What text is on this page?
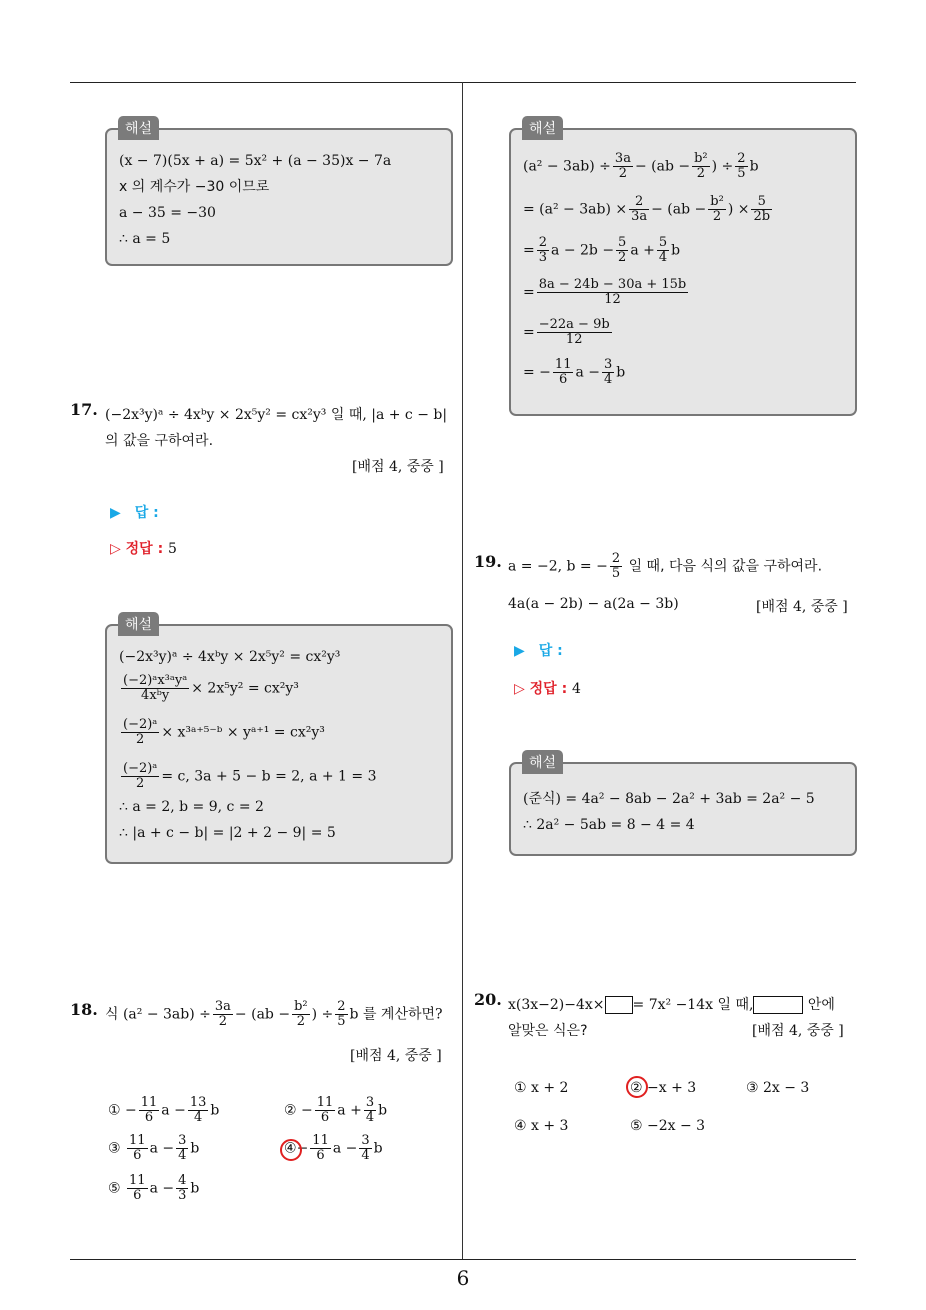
(x − 7)(5x + a) = 5x² + (a − 35)x − 7a
x 의 계수가 −30 이므로
a − 35 = −30
∴ a = 5
해설
$(a^2 - 3ab) \div \frac{3a}{2} - (ab - \frac{\text{b²}}{2}$ ) ÷ $\frac{2}{5}$ b
= $(a^2 - 3ab) \times \frac{2}{3a} - (ab - \frac{\text{b²}}{2}$ ) × $\frac{5}{2b}$
= $\frac{2}{3}$ $a - 2b - \frac{5}{2}$ $a + \frac{5}{4}$ b
= $\frac{8a - 24b - 30a + 15b}{12}$
= $\frac{-22a - 9b}{12}$
= − $\frac{11}{6}$ $a - \frac{3}{4}$ b
해설
17. (−2x³y)ᵃ ÷ 4xᵇy × 2x⁵y² = cx²y³ 일 때, |a + c − b|
의 값을 구하여라.
[배점 4, 중중 ]
▶ 답 :
▷ 정답 : 5
(−2x³y)ᵃ ÷ 4xᵇy × 2x⁵y² = cx²y³
(−2)ᵃx³ᵃyᵃ
4xᵇy	× 2x⁵y² = cx²y³
$\frac{\text{(−2)ᵃ}}{2}$ × x³ᵃ⁺⁵⁻ᵇ × yᵃ⁺¹ = cx²y³
$\frac{\text{(−2)ᵃ}}{2} = c$, 3a + 5 − b = 2, a + 1 = 3
∴ a = 2, b = 9, c = 2
∴ |a + c − b| = |2 + 2 − 9| = 5
해설
18. 식 $(a^2 - 3ab) \div \frac{3a}{2} - (ab - \frac{\text{b²}}{2}$ ) ÷ $\frac{2}{5}$ b 를 계산하면?
[배점 4, 중중 ]
① − $\frac{11}{6}$ $a - \frac{13}{4}$ b	② − $\frac{11}{6}$ $a + \frac{3}{4}$ b
③ $\frac{11}{6}$ $a - \frac{3}{4}$ b	④− $\frac{11}{6}$ $a - \frac{3}{4}$ b
⑤ $\frac{11}{6}$ $a - \frac{4}{3}$ b
19. a = −2, b = − $\frac{2}{5}$ 일 때, 다음 식의 값을 구하여라.
4a(a − 2b) − a(2a − 3b)	[배점 4, 중중 ]
▶ 답 :
▷ 정답 : 4
(준식) = 4a² − 8ab − 2a² + 3ab = 2a² − 5
∴ 2a² − 5ab = 8 − 4 = 4
해설
20. x(3x−2)−4x× = 7x² −14x 일 때,	안에
알맞은 식은?	[배점 4, 중중 ]
① x + 2	② −x + 3	③ 2x − 3
④ x + 3	⑤ −2x − 3
6
